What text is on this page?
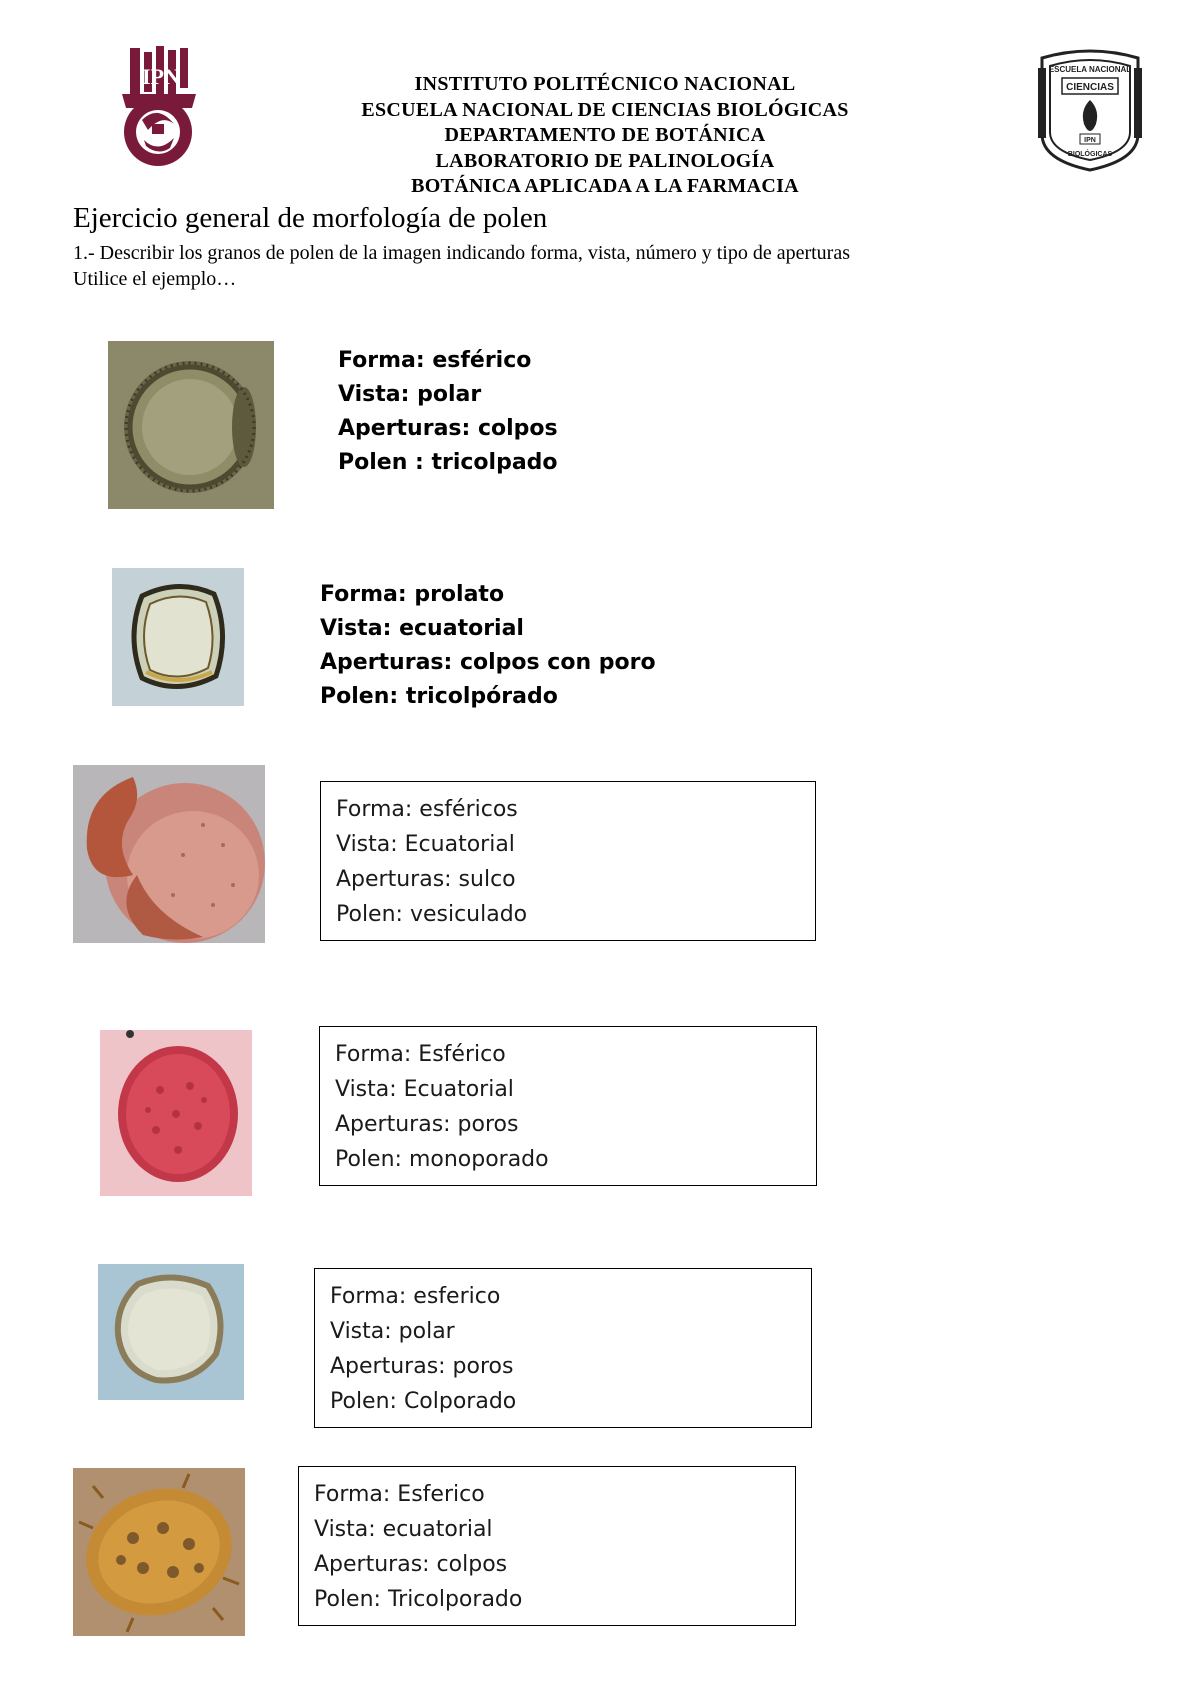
IPN	ESCUELA NACIONAL
CIENCIAS
IPN
BIOLÓGICAS
INSTITUTO POLITÉCNICO NACIONAL
ESCUELA NACIONAL DE CIENCIAS BIOLÓGICAS
DEPARTAMENTO DE BOTÁNICA
LABORATORIO DE PALINOLOGÍA
BOTÁNICA APLICADA A LA FARMACIA
Ejercicio general de morfología de polen
1.- Describir los granos de polen de la imagen indicando forma, vista, número y tipo de aperturas
Utilice el ejemplo…
Forma: esférico
Vista: polar
Aperturas: colpos
Polen : tricolpado
Forma: prolato
Vista: ecuatorial
Aperturas: colpos con poro
Polen: tricolpórado
Forma: esféricos
Vista: Ecuatorial
Aperturas: sulco
Polen: vesiculado
Forma: Esférico
Vista: Ecuatorial
Aperturas: poros
Polen: monoporado
Forma: esferico
Vista: polar
Aperturas: poros
Polen: Colporado
Forma: Esferico
Vista: ecuatorial
Aperturas: colpos
Polen: Tricolporado
